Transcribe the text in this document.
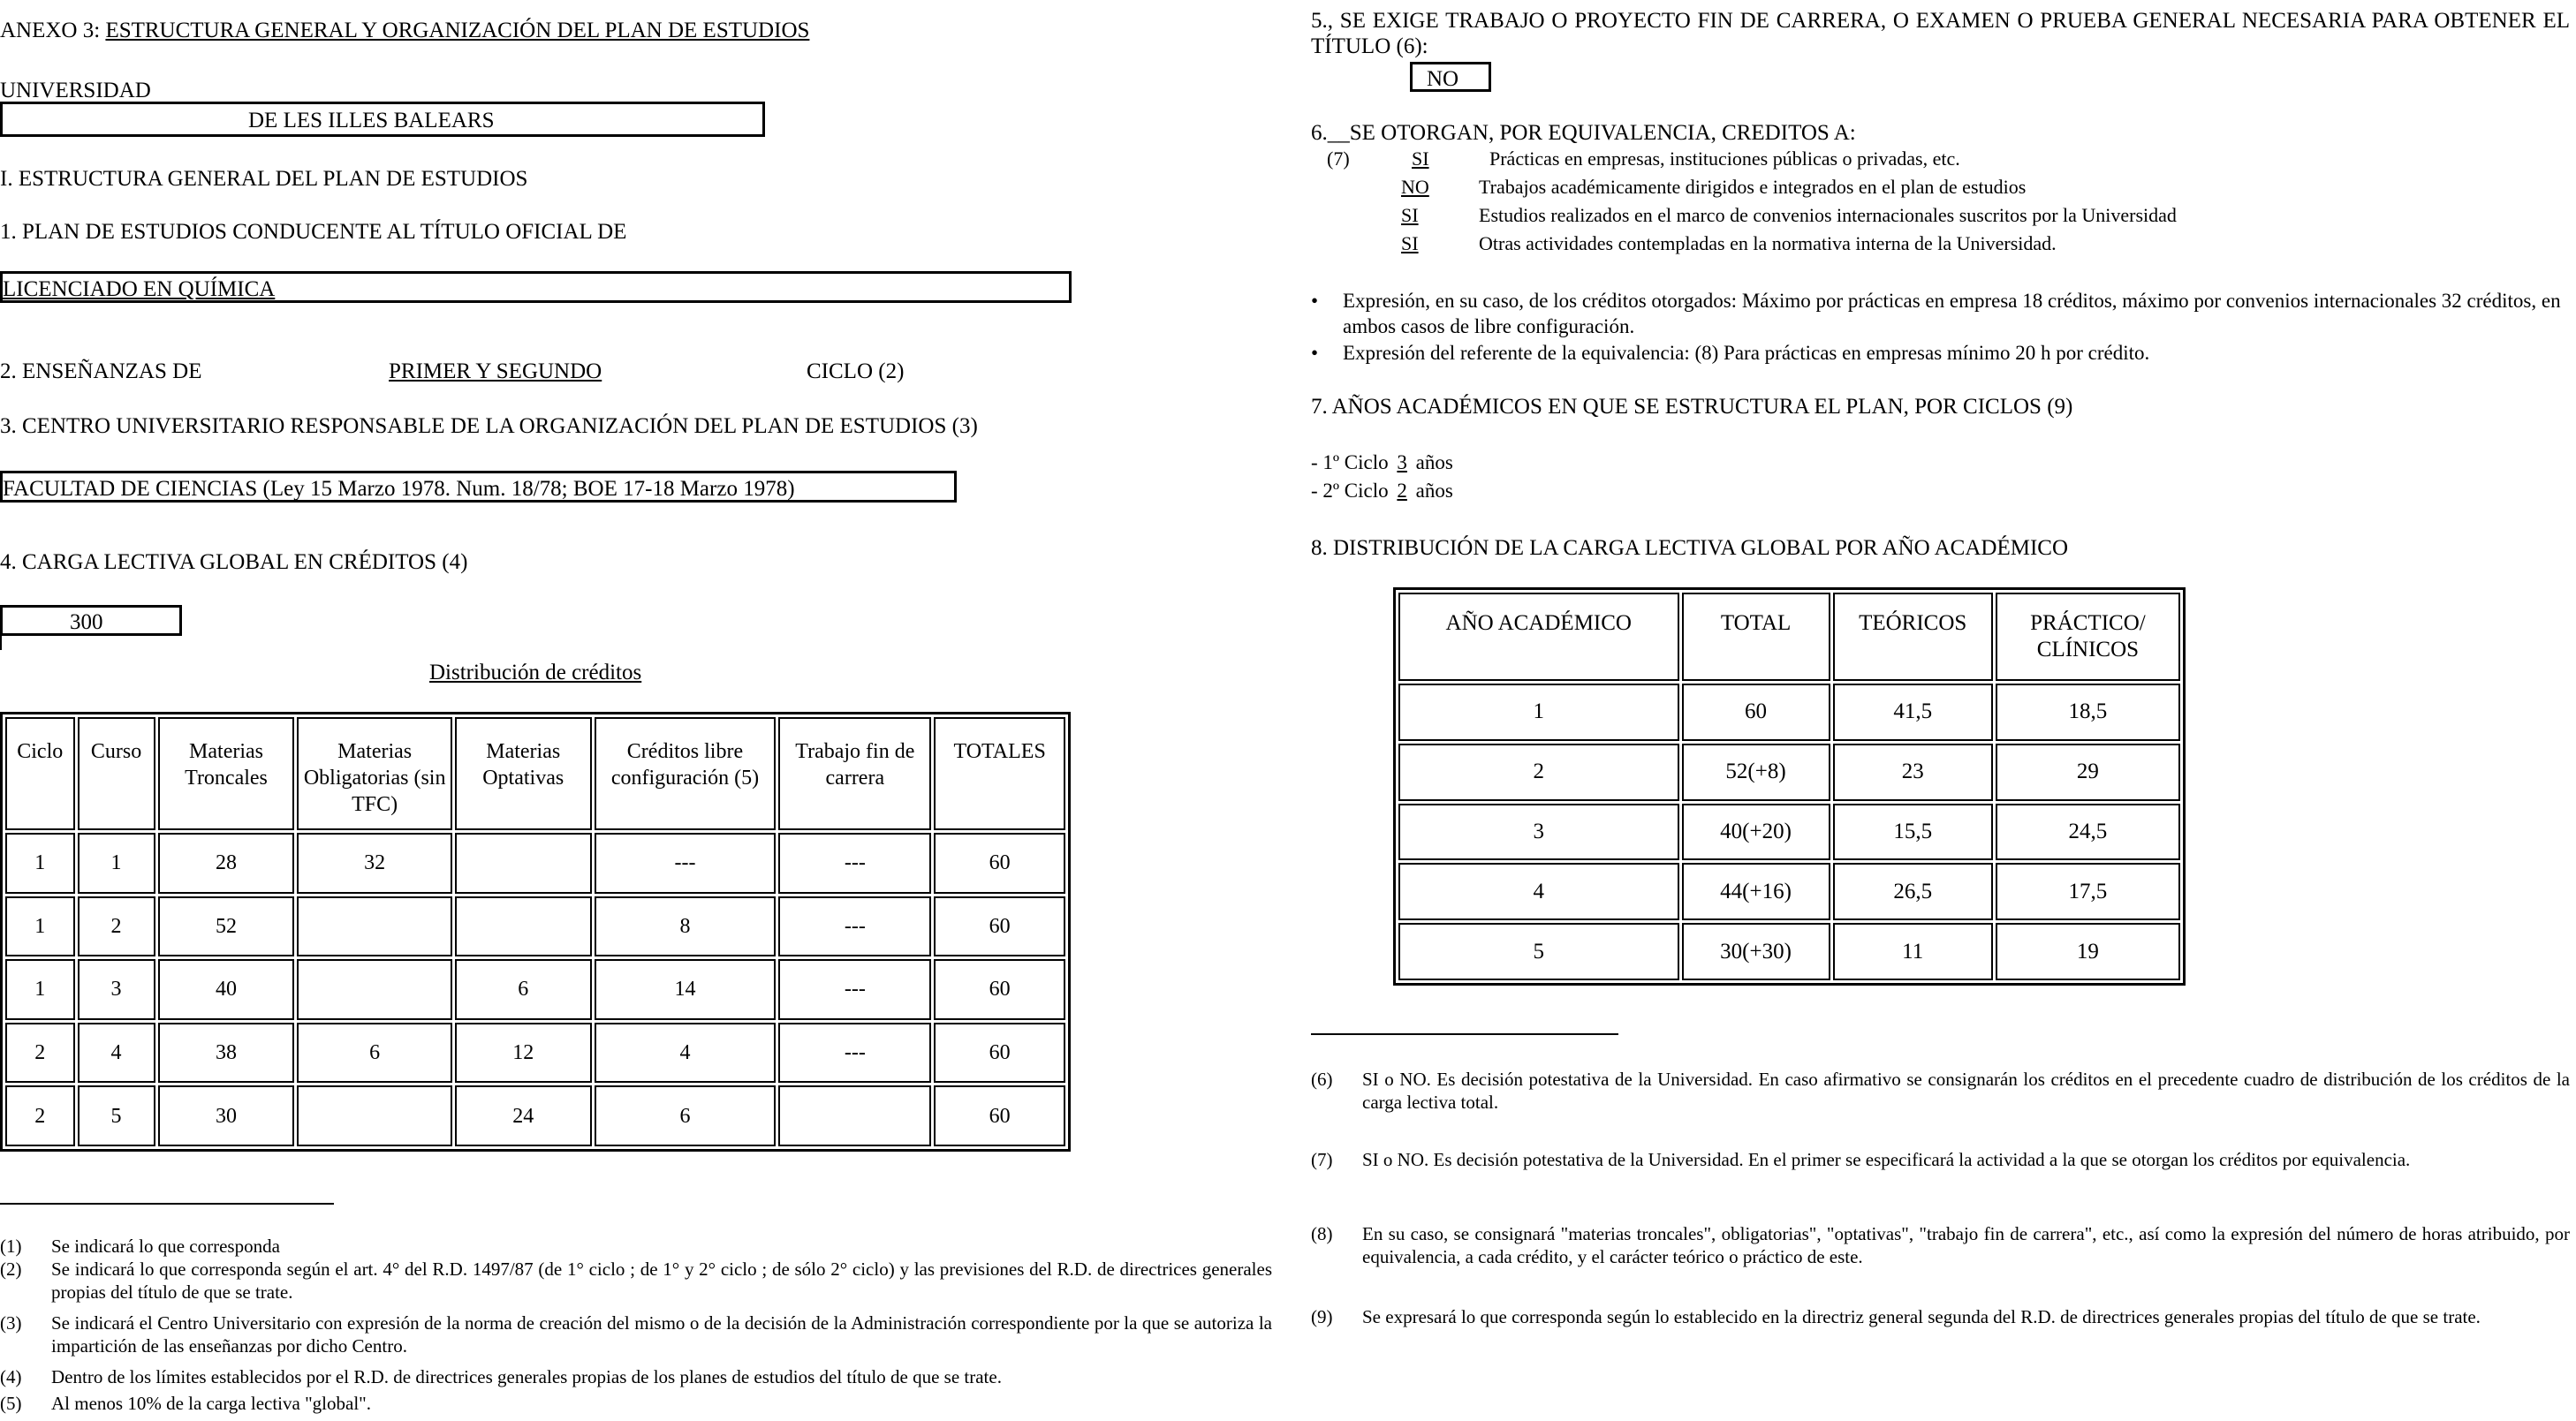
ANEXO 3: ESTRUCTURA GENERAL Y ORGANIZACIÓN DEL PLAN DE ESTUDIOS
UNIVERSIDAD
DE LES ILLES BALEARS
I. ESTRUCTURA GENERAL DEL PLAN DE ESTUDIOS
1. PLAN DE ESTUDIOS CONDUCENTE AL TÍTULO OFICIAL DE
LICENCIADO EN QUÍMICA
2. ENSEÑANZAS DE	PRIMER Y SEGUNDO	CICLO (2)
3. CENTRO UNIVERSITARIO RESPONSABLE DE LA ORGANIZACIÓN DEL PLAN DE ESTUDIOS (3)
FACULTAD DE CIENCIAS (Ley 15 Marzo 1978. Num. 18/78; BOE 17-18 Marzo 1978)
4. CARGA LECTIVA GLOBAL EN CRÉDITOS (4)
300
Distribución de créditos
Ciclo	Curso	Materias Troncales	Materias Obligatorias (sin TFC)	Materias Optativas	Créditos libre configuración (5)	Trabajo fin de carrera	TOTALES
1	1	28	32		---	---	60
1	2	52			8	---	60
1	3	40		6	14	---	60
2	4	38	6	12	4	---	60
2	5	30		24	6		60
(1) Se indicará lo que corresponda
(2) Se indicará lo que corresponda según el art. 4° del R.D. 1497/87 (de 1° ciclo ; de 1° y 2° ciclo ; de sólo 2° ciclo) y las previsiones del R.D. de directrices generales propias del título de que se trate.
(3) Se indicará el Centro Universitario con expresión de la norma de creación del mismo o de la decisión de la Administración correspondiente por la que se autoriza la impartición de las enseñanzas por dicho Centro.
(4) Dentro de los límites establecidos por el R.D. de directrices generales propias de los planes de estudios del título de que se trate.
(5) Al menos 10% de la carga lectiva "global".
5., SE EXIGE TRABAJO O PROYECTO FIN DE CARRERA, O EXAMEN O PRUEBA GENERAL NECESARIA PARA OBTENER EL TÍTULO (6):
NO
6.__SE OTORGAN, POR EQUIVALENCIA, CREDITOS A:
(7)	SI	Prácticas en empresas, instituciones públicas o privadas, etc.
NO	Trabajos académicamente dirigidos e integrados en el plan de estudios
SI	Estudios realizados en el marco de convenios internacionales suscritos por la Universidad
SI	Otras actividades contempladas en la normativa interna de la Universidad.
• Expresión, en su caso, de los créditos otorgados: Máximo por prácticas en empresa 18 créditos, máximo por convenios internacionales 32 créditos, en ambos casos de libre configuración.
• Expresión del referente de la equivalencia: (8) Para prácticas en empresas mínimo 20 h por crédito.
7. AÑOS ACADÉMICOS EN QUE SE ESTRUCTURA EL PLAN, POR CICLOS (9)
- 1º Ciclo 3 años
- 2º Ciclo 2 años
8. DISTRIBUCIÓN DE LA CARGA LECTIVA GLOBAL POR AÑO ACADÉMICO
AÑO ACADÉMICO	TOTAL	TEÓRICOS	PRÁCTICO/ CLÍNICOS
1	60	41,5	18,5
2	52(+8)	23	29
3	40(+20)	15,5	24,5
4	44(+16)	26,5	17,5
5	30(+30)	11	19
(6) SI o NO. Es decisión potestativa de la Universidad. En caso afirmativo se consignarán los créditos en el precedente cuadro de distribución de los créditos de la carga lectiva total.
(7) SI o NO. Es decisión potestativa de la Universidad. En el primer se especificará la actividad a la que se otorgan los créditos por equivalencia.
(8) En su caso, se consignará "materias troncales", obligatorias", "optativas", "trabajo fin de carrera", etc., así como la expresión del número de horas atribuido, por equivalencia, a cada crédito, y el carácter teórico o práctico de este.
(9) Se expresará lo que corresponda según lo establecido en la directriz general segunda del R.D. de directrices generales propias del título de que se trate.
